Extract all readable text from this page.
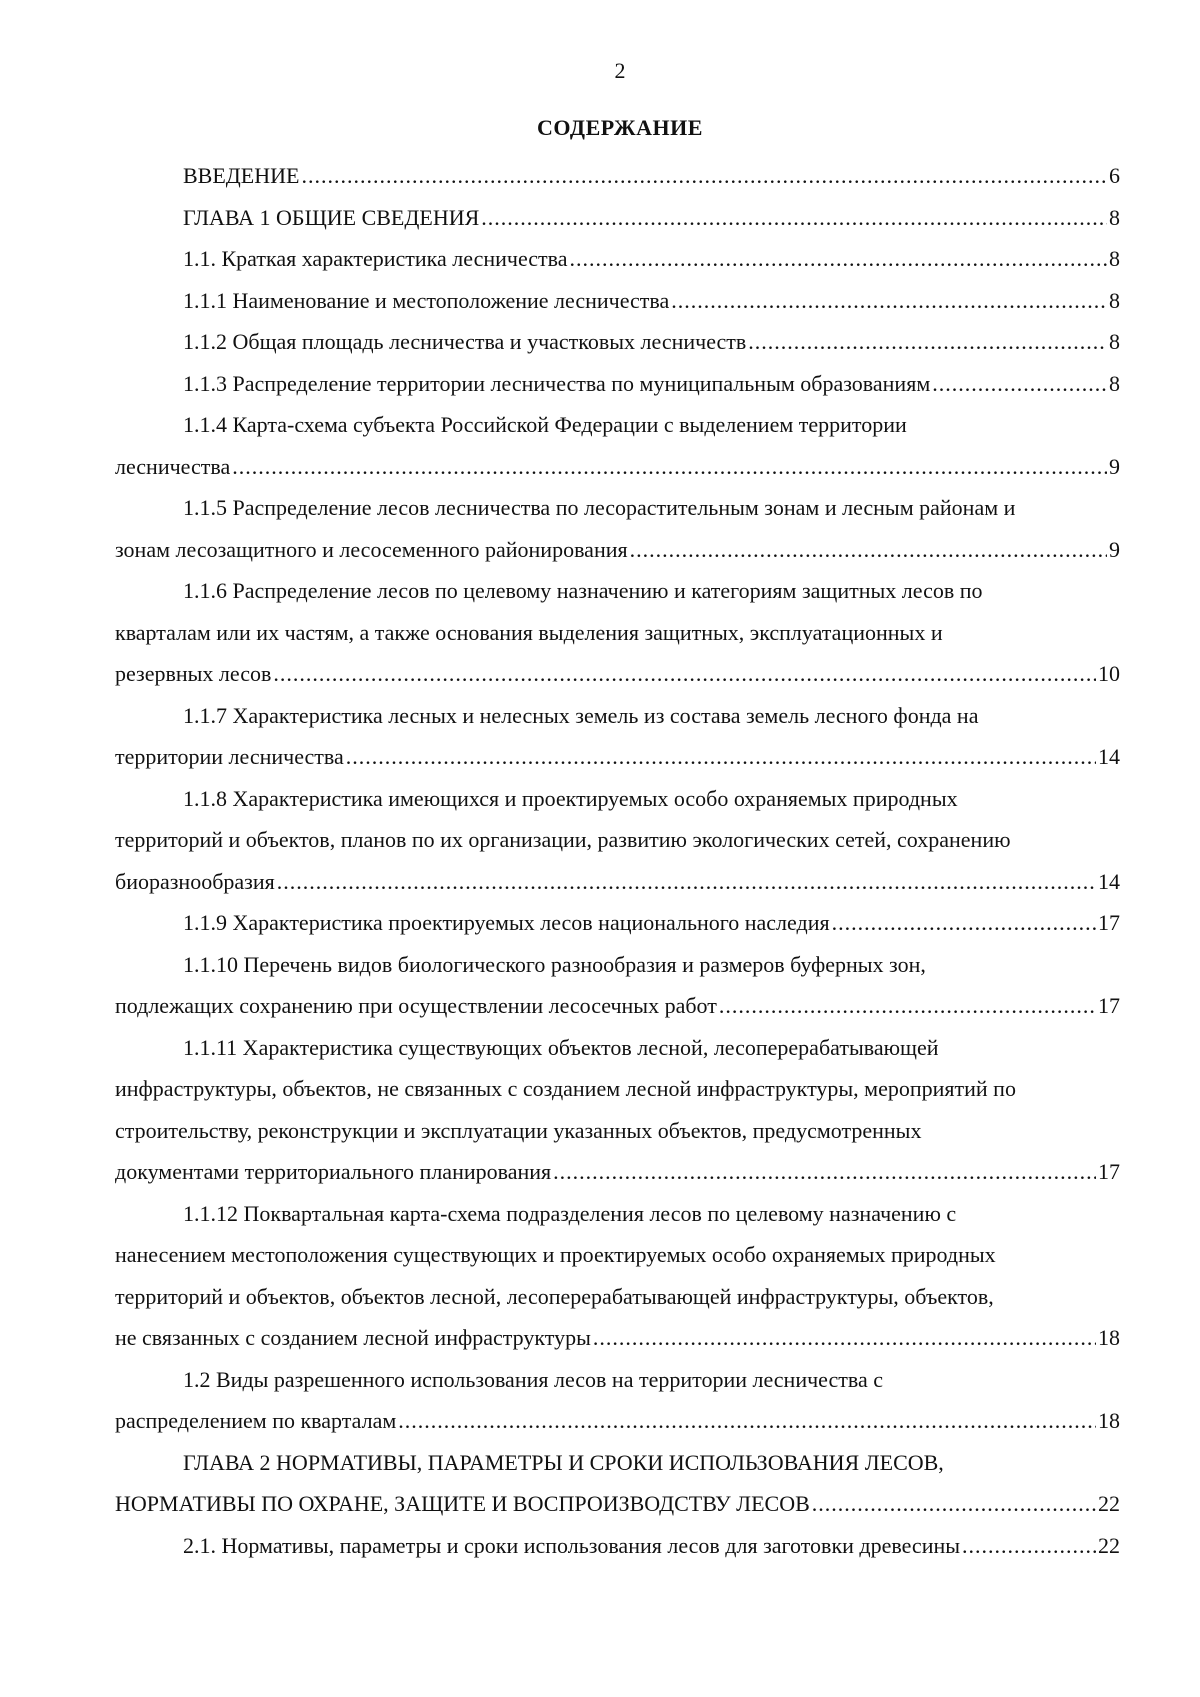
2
СОДЕРЖАНИЕ
ВВЕДЕНИЕ .....	6
ГЛАВА 1 ОБЩИЕ СВЕДЕНИЯ .....	8
1.1. Краткая характеристика лесничества .....	8
1.1.1 Наименование и местоположение лесничества .....	8
1.1.2 Общая площадь лесничества и участковых лесничеств .....	8
1.1.3 Распределение территории лесничества по муниципальным образованиям .....	8
1.1.4 Карта-схема субъекта Российской Федерации с выделением территории
лесничества .....	9
1.1.5 Распределение лесов лесничества по лесорастительным зонам и лесным районам и
зонам лесозащитного и лесосеменного районирования .....	9
1.1.6 Распределение лесов по целевому назначению и категориям защитных лесов по
кварталам или их частям, а также основания выделения защитных, эксплуатационных и
резервных лесов .....	10
1.1.7 Характеристика лесных и нелесных земель из состава земель лесного фонда на
территории лесничества .....	14
1.1.8 Характеристика имеющихся и проектируемых особо охраняемых природных
территорий и объектов, планов по их организации, развитию экологических сетей, сохранению
биоразнообразия .....	14
1.1.9 Характеристика проектируемых лесов национального наследия .....	17
1.1.10 Перечень видов биологического разнообразия и размеров буферных зон,
подлежащих сохранению при осуществлении лесосечных работ .....	17
1.1.11 Характеристика существующих объектов лесной, лесоперерабатывающей
инфраструктуры, объектов, не связанных с созданием лесной инфраструктуры, мероприятий по
строительству, реконструкции и эксплуатации указанных объектов, предусмотренных
документами территориального планирования .....	17
1.1.12 Поквартальная карта-схема подразделения лесов по целевому назначению с
нанесением местоположения существующих и проектируемых особо охраняемых природных
территорий и объектов, объектов лесной, лесоперерабатывающей инфраструктуры, объектов,
не связанных с созданием лесной инфраструктуры .....	18
1.2 Виды разрешенного использования лесов на территории лесничества с
распределением по кварталам .....	18
ГЛАВА 2 НОРМАТИВЫ, ПАРАМЕТРЫ И СРОКИ ИСПОЛЬЗОВАНИЯ ЛЕСОВ,
НОРМАТИВЫ ПО ОХРАНЕ, ЗАЩИТЕ И ВОСПРОИЗВОДСТВУ ЛЕСОВ .....	22
2.1. Нормативы, параметры и сроки использования лесов для заготовки древесины .....	22
